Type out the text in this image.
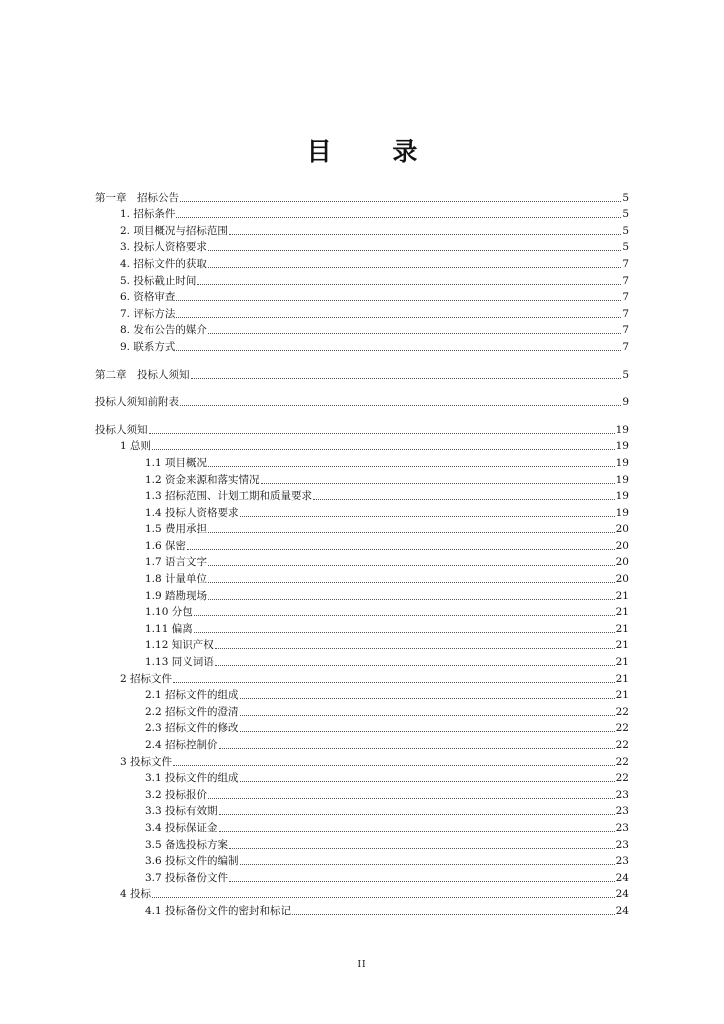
目 录
第一章　招标公告	5
1. 招标条件	5
2. 项目概况与招标范围	5
3. 投标人资格要求	5
4. 招标文件的获取	7
5. 投标截止时间	7
6. 资格审查	7
7. 评标方法	7
8. 发布公告的媒介	7
9. 联系方式	7
第二章　投标人须知	5
投标人须知前附表	9
投标人须知	19
1 总则	19
1.1 项目概况	19
1.2 资金来源和落实情况	19
1.3 招标范围、计划工期和质量要求	19
1.4 投标人资格要求	19
1.5 费用承担	20
1.6 保密	20
1.7 语言文字	20
1.8 计量单位	20
1.9 踏勘现场	21
1.10 分包	21
1.11 偏离	21
1.12 知识产权	21
1.13 同义词语	21
2 招标文件	21
2.1 招标文件的组成	21
2.2 招标文件的澄清	22
2.3 招标文件的修改	22
2.4 招标控制价	22
3 投标文件	22
3.1 投标文件的组成	22
3.2 投标报价	23
3.3 投标有效期	23
3.4 投标保证金	23
3.5 备选投标方案	23
3.6 投标文件的编制	23
3.7 投标备份文件	24
4 投标	24
4.1 投标备份文件的密封和标记	24
II
